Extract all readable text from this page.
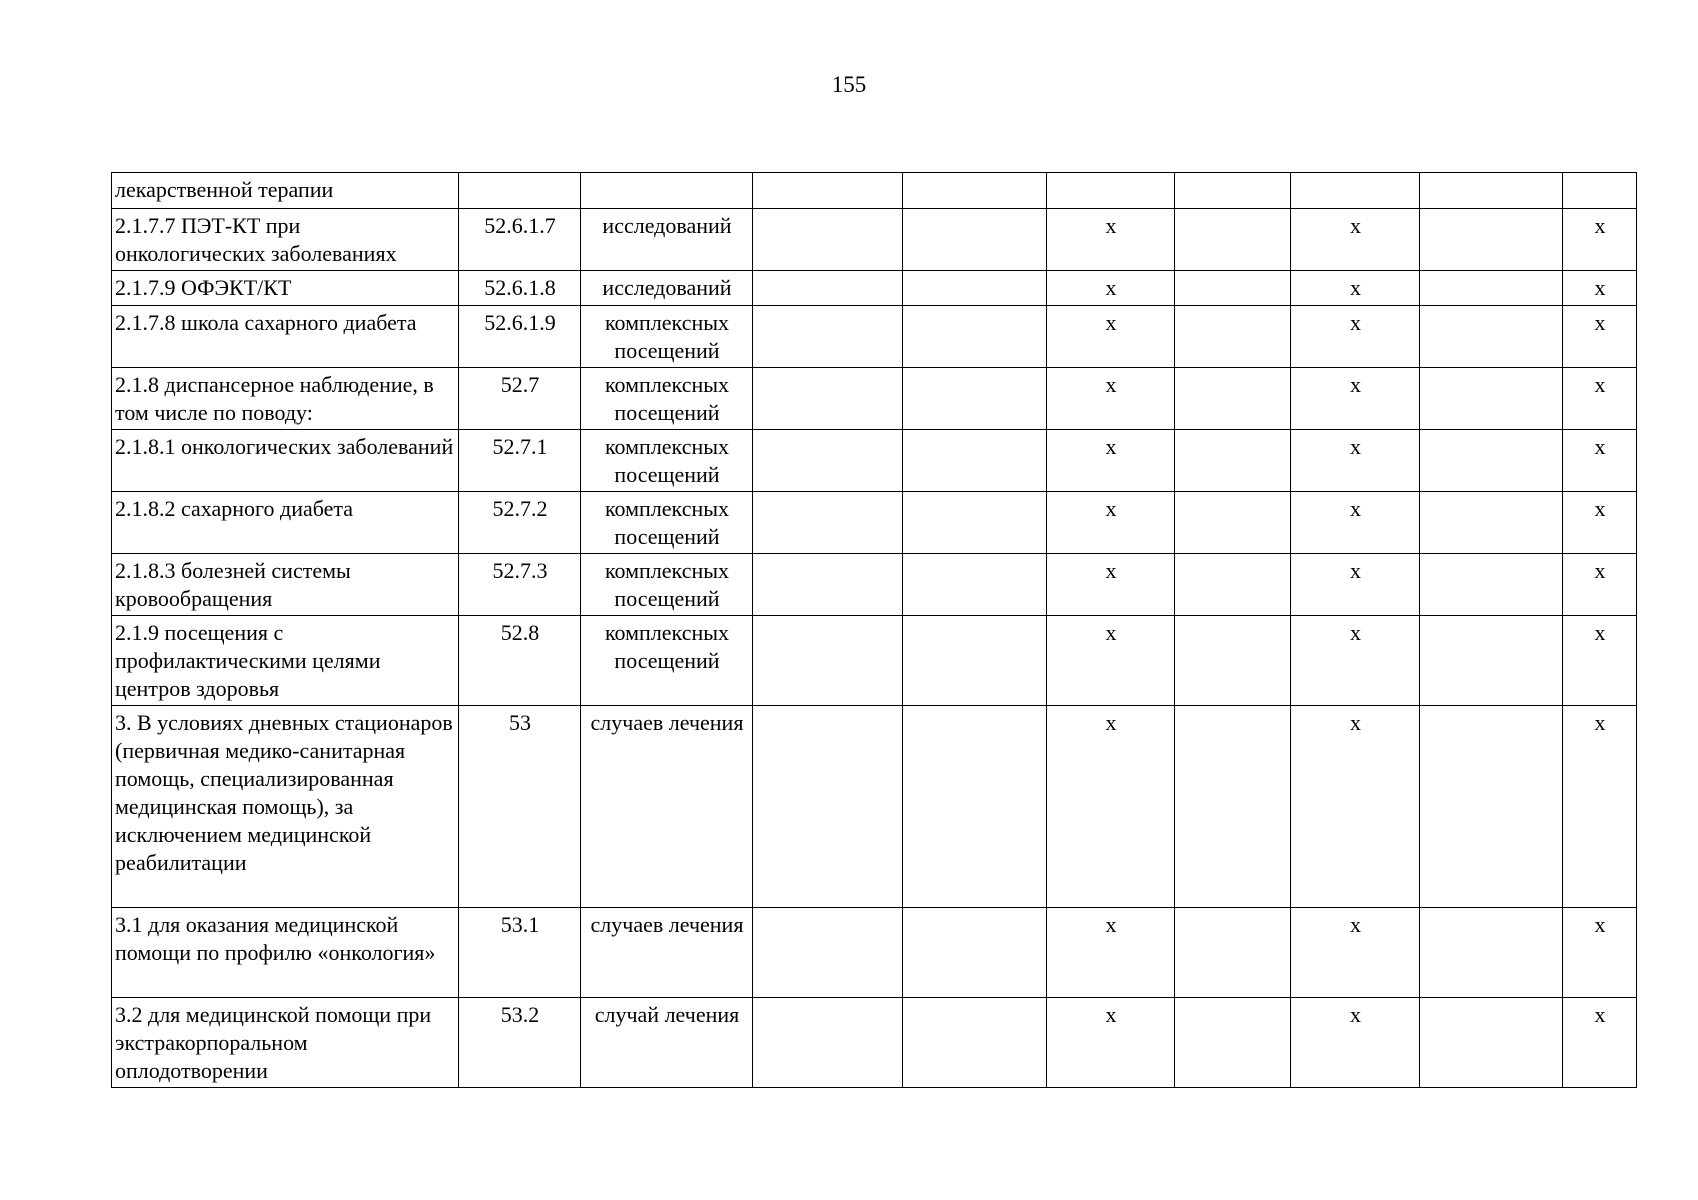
155
лекарственной терапии									
2.1.7.7 ПЭТ-КТ при онкологических заболеваниях	52.6.1.7	исследований			х		х		х
2.1.7.9 ОФЭКТ/КТ	52.6.1.8	исследований			х		х		х
2.1.7.8 школа сахарного диабета	52.6.1.9	комплексных посещений			х		х		х
2.1.8 диспансерное наблюдение, в том числе по поводу:	52.7	комплексных посещений			х		х		х
2.1.8.1 онкологических заболеваний	52.7.1	комплексных посещений			х		х		х
2.1.8.2 сахарного диабета	52.7.2	комплексных посещений			х		х		х
2.1.8.3 болезней системы кровообращения	52.7.3	комплексных посещений			х		х		х
2.1.9 посещения с профилактическими целями центров здоровья	52.8	комплексных посещений			х		х		х
3. В условиях дневных стационаров (первичная медико-санитарная помощь, специализированная медицинская помощь), за исключением медицинской реабилитации	53	случаев лечения			х		х		х
3.1 для оказания медицинской помощи по профилю «онкология»	53.1	случаев лечения			х		х		х
3.2 для медицинской помощи при экстракорпоральном оплодотворении	53.2	случай лечения			х		х		х
